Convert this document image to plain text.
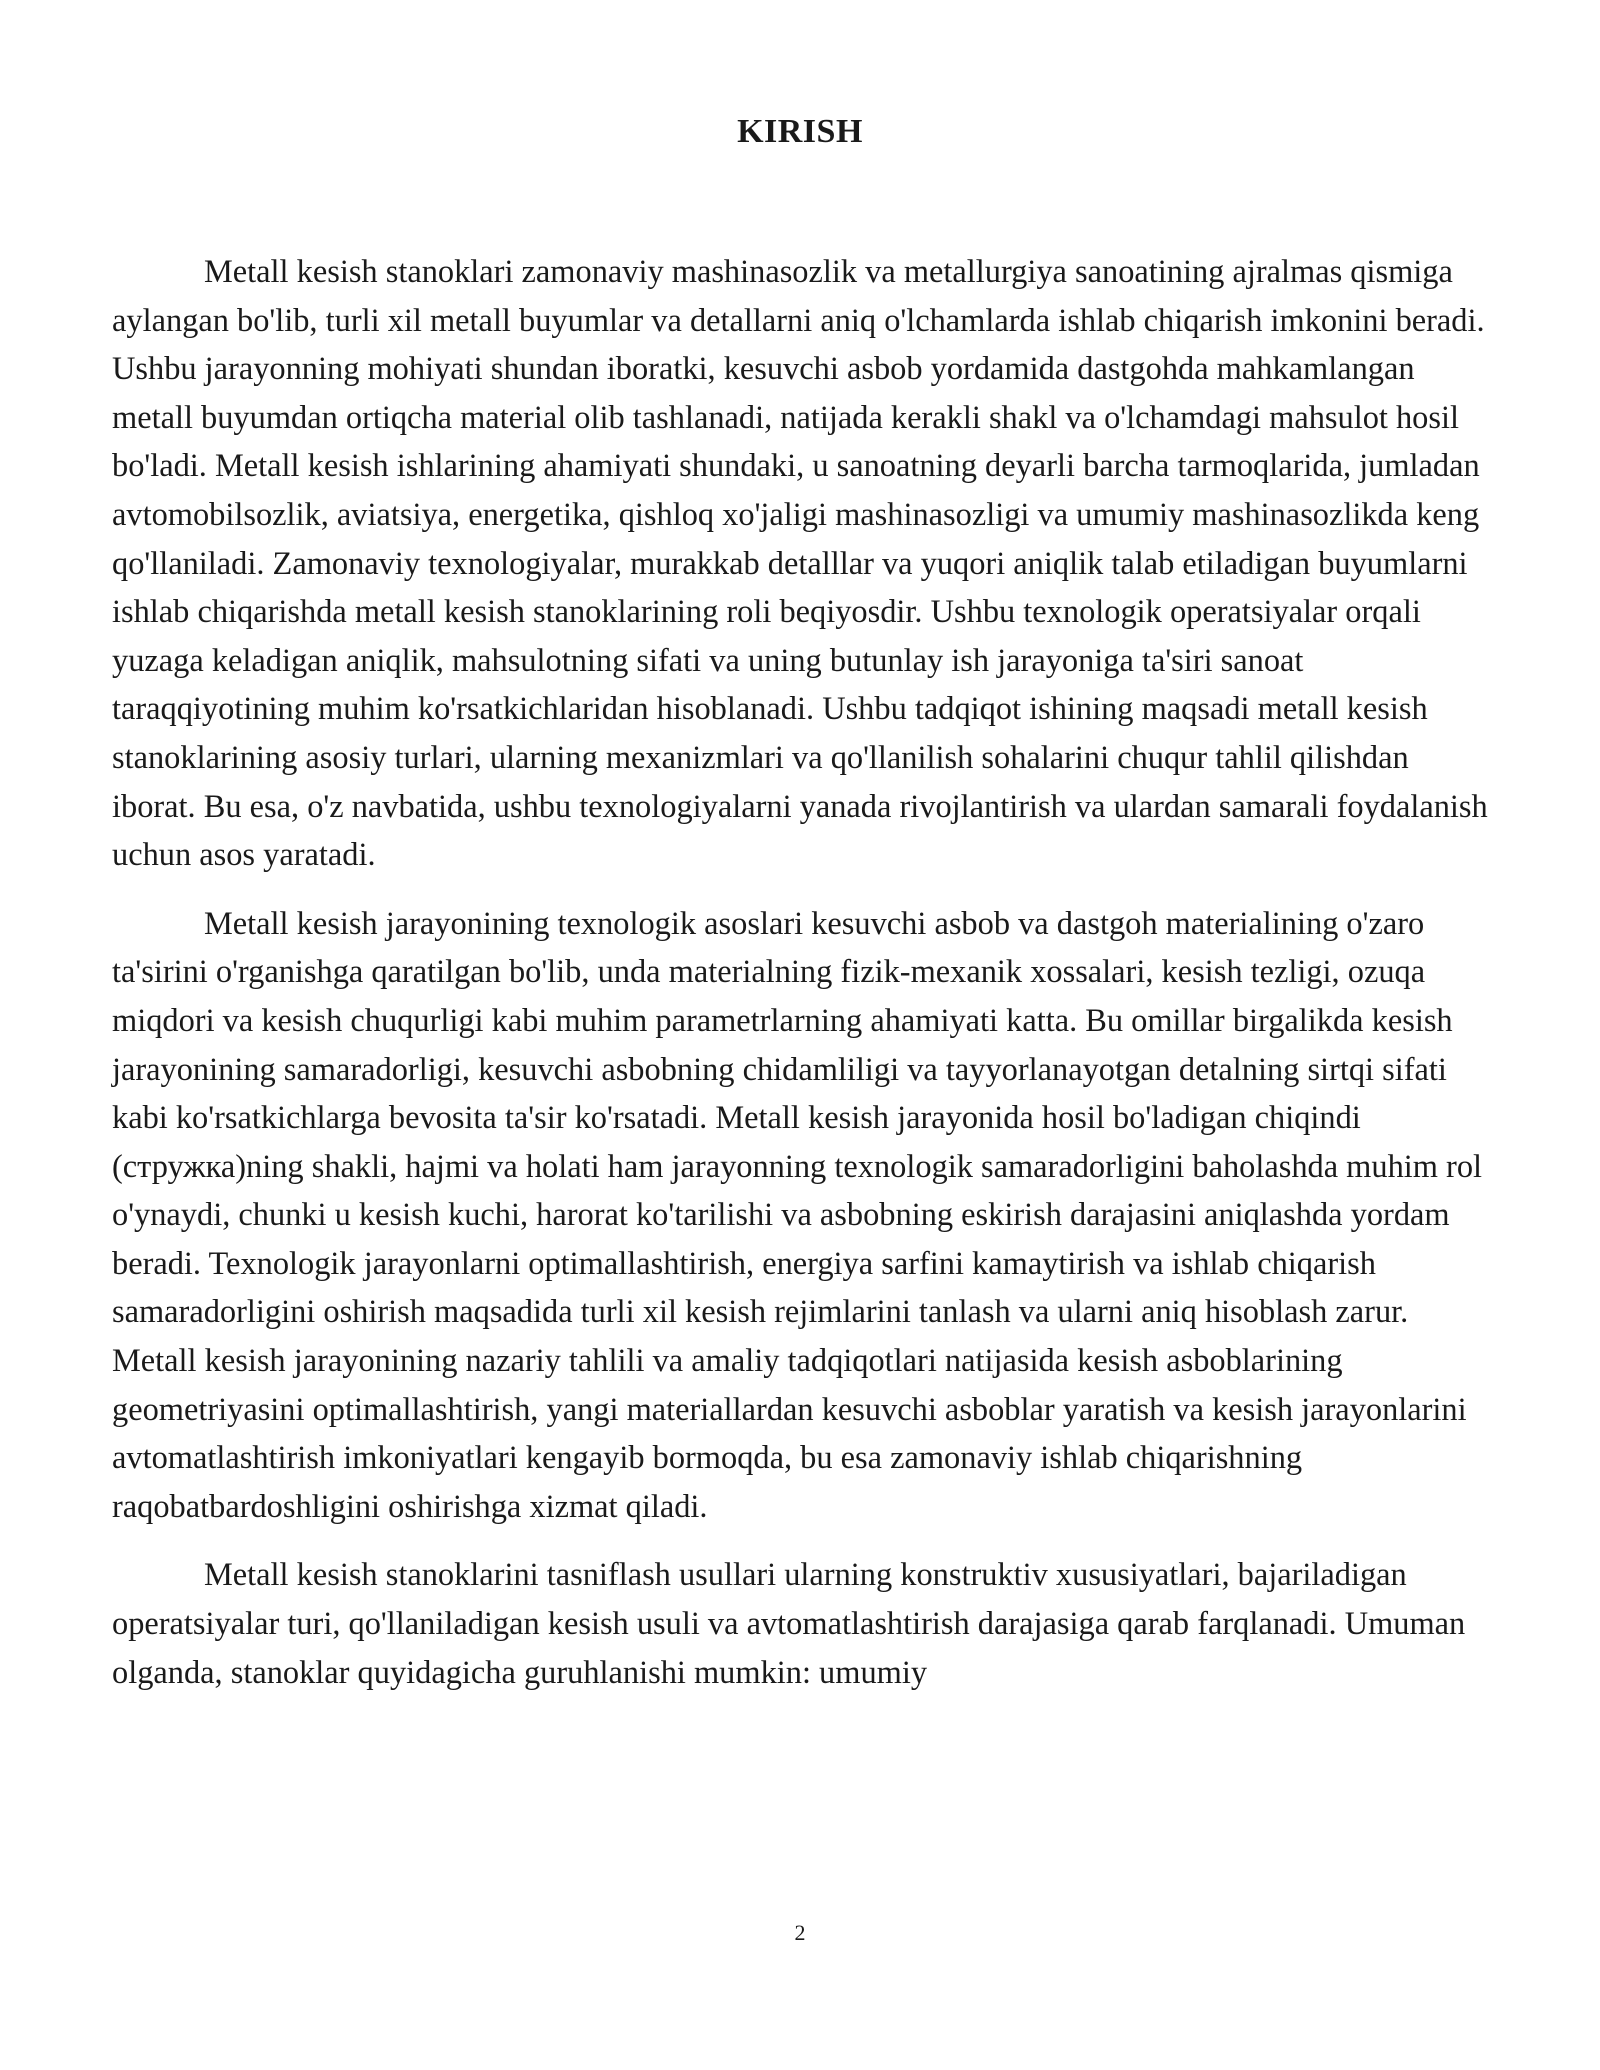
KIRISH

Metall kesish stanoklari zamonaviy mashinasozlik va metallurgiya sanoatining ajralmas qismiga aylangan bo'lib, turli xil metall buyumlar va detallarni aniq o'lchamlarda ishlab chiqarish imkonini beradi. Ushbu jarayonning mohiyati shundan iboratki, kesuvchi asbob yordamida dastgohda mahkamlangan metall buyumdan ortiqcha material olib tashlanadi, natijada kerakli shakl va o'lchamdagi mahsulot hosil bo'ladi. Metall kesish ishlarining ahamiyati shundaki, u sanoatning deyarli barcha tarmoqlarida, jumladan avtomobilsozlik, aviatsiya, energetika, qishloq xo'jaligi mashinasozligi va umumiy mashinasozlikda keng qo'llaniladi. Zamonaviy texnologiyalar, murakkab detalllar va yuqori aniqlik talab etiladigan buyumlarni ishlab chiqarishda metall kesish stanoklarining roli beqiyosdir. Ushbu texnologik operatsiyalar orqali yuzaga keladigan aniqlik, mahsulotning sifati va uning butunlay ish jarayoniga ta'siri sanoat taraqqiyotining muhim ko'rsatkichlaridan hisoblanadi. Ushbu tadqiqot ishining maqsadi metall kesish stanoklarining asosiy turlari, ularning mexanizmlari va qo'llanilish sohalarini chuqur tahlil qilishdan iborat. Bu esa, o'z navbatida, ushbu texnologiyalarni yanada rivojlantirish va ulardan samarali foydalanish uchun asos yaratadi.

Metall kesish jarayonining texnologik asoslari kesuvchi asbob va dastgoh materialining o'zaro ta'sirini o'rganishga qaratilgan bo'lib, unda materialning fizik-mexanik xossalari, kesish tezligi, ozuqa miqdori va kesish chuqurligi kabi muhim parametrlarning ahamiyati katta. Bu omillar birgalikda kesish jarayonining samaradorligi, kesuvchi asbobning chidamliligi va tayyorlanayotgan detalning sirtqi sifati kabi ko'rsatkichlarga bevosita ta'sir ko'rsatadi. Metall kesish jarayonida hosil bo'ladigan chiqindi (стружка)ning shakli, hajmi va holati ham jarayonning texnologik samaradorligini baholashda muhim rol o'ynaydi, chunki u kesish kuchi, harorat ko'tarilishi va asbobning eskirish darajasini aniqlashda yordam beradi. Texnologik jarayonlarni optimallashtirish, energiya sarfini kamaytirish va ishlab chiqarish samaradorligini oshirish maqsadida turli xil kesish rejimlarini tanlash va ularni aniq hisoblash zarur. Metall kesish jarayonining nazariy tahlili va amaliy tadqiqotlari natijasida kesish asboblarining geometriyasini optimallashtirish, yangi materiallardan kesuvchi asboblar yaratish va kesish jarayonlarini avtomatlashtirish imkoniyatlari kengayib bormoqda, bu esa zamonaviy ishlab chiqarishning raqobatbardoshligini oshirishga xizmat qiladi.

Metall kesish stanoklarini tasniflash usullari ularning konstruktiv xususiyatlari, bajariladigan operatsiyalar turi, qo'llaniladigan kesish usuli va avtomatlashtirish darajasiga qarab farqlanadi. Umuman olganda, stanoklar quyidagicha guruhlanishi mumkin: umumiy

2
